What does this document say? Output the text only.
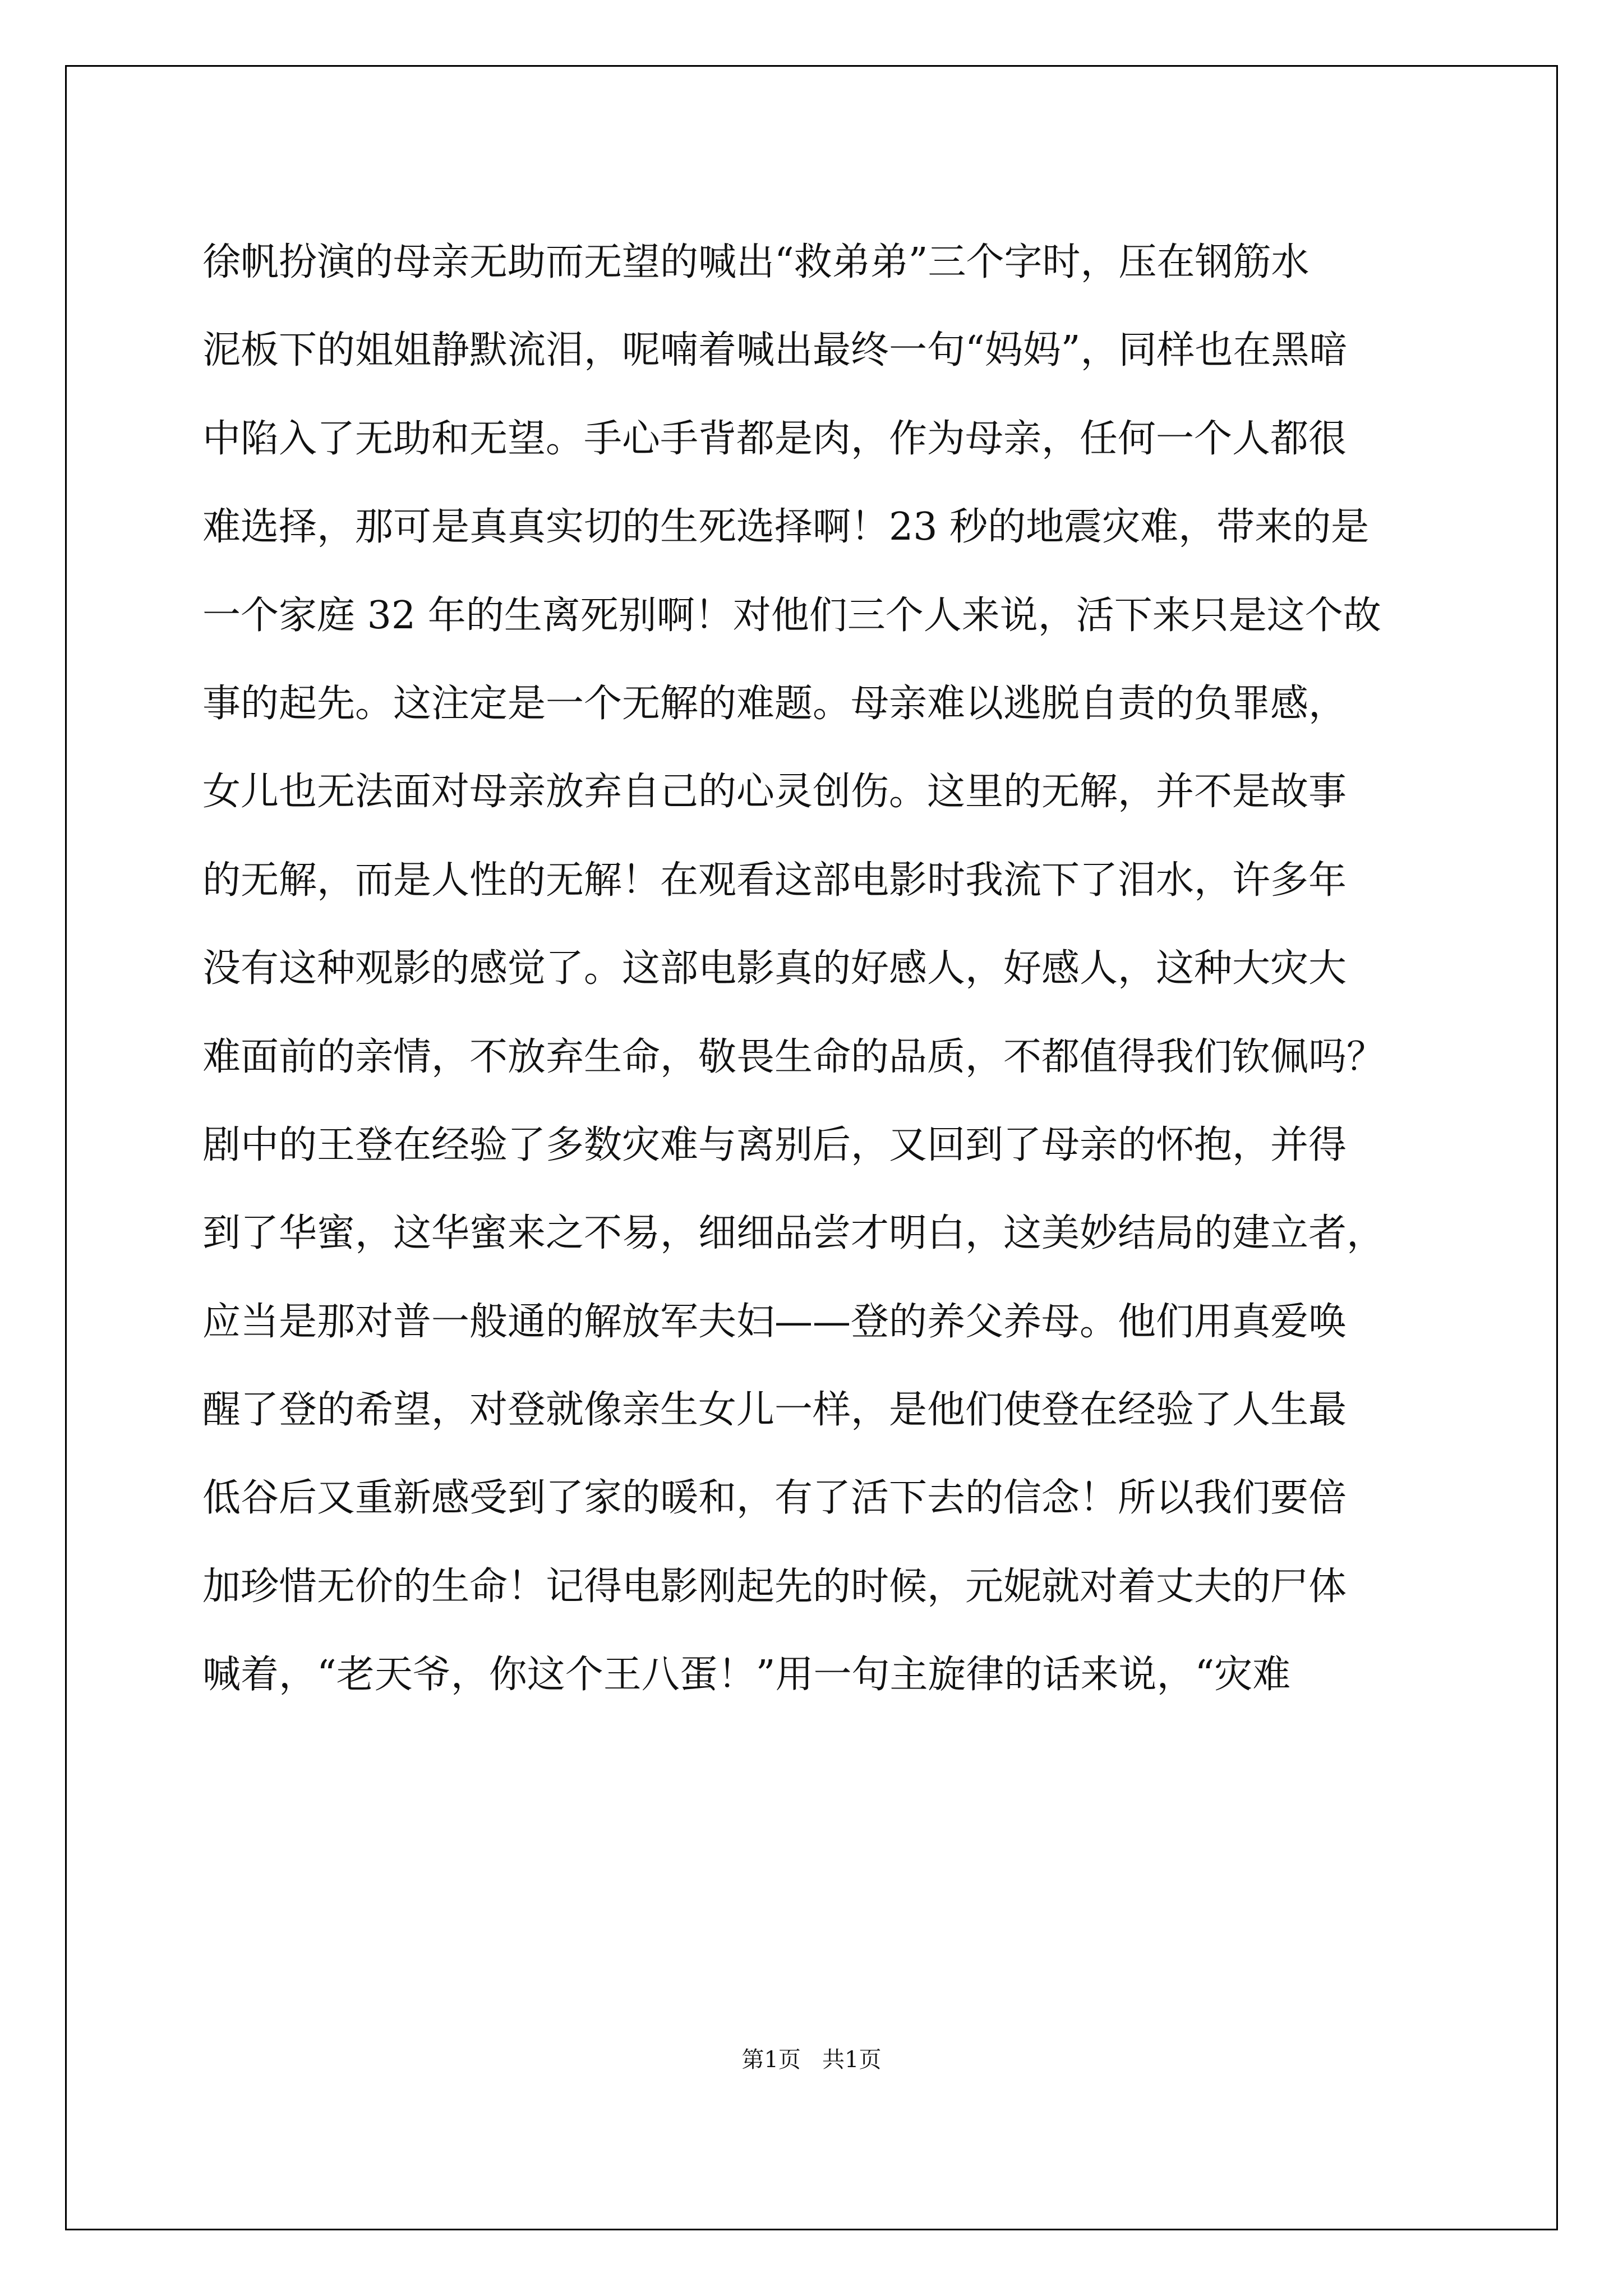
徐帆扮演的母亲无助而无望的喊出“救弟弟”三个字时，压在钢筋水
泥板下的姐姐静默流泪，呢喃着喊出最终一句“妈妈”，同样也在黑暗
中陷入了无助和无望。手心手背都是肉，作为母亲，任何一个人都很
难选择，那可是真真实切的生死选择啊！23 秒的地震灾难，带来的是
一个家庭 32 年的生离死别啊！对他们三个人来说，活下来只是这个故
事的起先。这注定是一个无解的难题。母亲难以逃脱自责的负罪感，
女儿也无法面对母亲放弃自己的心灵创伤。这里的无解，并不是故事
的无解，而是人性的无解！在观看这部电影时我流下了泪水，许多年
没有这种观影的感觉了。这部电影真的好感人，好感人，这种大灾大
难面前的亲情，不放弃生命，敬畏生命的品质，不都值得我们钦佩吗？
剧中的王登在经验了多数灾难与离别后，又回到了母亲的怀抱，并得
到了华蜜，这华蜜来之不易，细细品尝才明白，这美妙结局的建立者，
应当是那对普一般通的解放军夫妇——登的养父养母。他们用真爱唤
醒了登的希望，对登就像亲生女儿一样，是他们使登在经验了人生最
低谷后又重新感受到了家的暖和，有了活下去的信念！所以我们要倍
加珍惜无价的生命！记得电影刚起先的时候，元妮就对着丈夫的尸体
喊着，“老天爷，你这个王八蛋！”用一句主旋律的话来说，“灾难
第1页   共1页
